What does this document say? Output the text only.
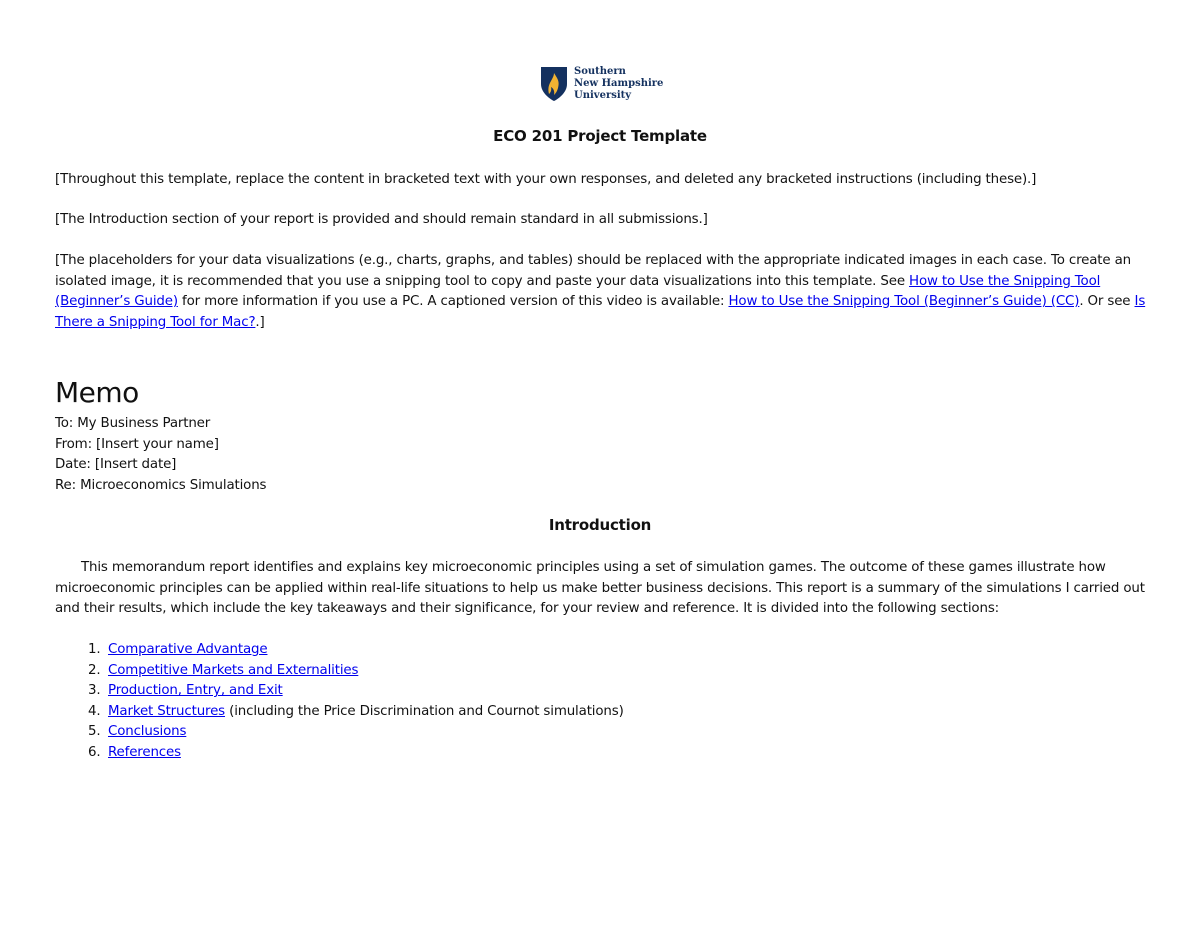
Southern
New Hampshire
University
ECO 201 Project Template
[Throughout this template, replace the content in bracketed text with your own responses, and deleted any bracketed instructions (including these).]
[The Introduction section of your report is provided and should remain standard in all submissions.]
[The placeholders for your data visualizations (e.g., charts, graphs, and tables) should be replaced with the appropriate indicated images in each case. To create an isolated image, it is recommended that you use a snipping tool to copy and paste your data visualizations into this template. See How to Use the Snipping Tool (Beginner’s Guide) for more information if you use a PC. A captioned version of this video is available: How to Use the Snipping Tool (Beginner’s Guide) (CC). Or see Is There a Snipping Tool for Mac?.]
Memo
To: My Business Partner
From: [Insert your name]
Date: [Insert date]
Re: Microeconomics Simulations
Introduction
This memorandum report identifies and explains key microeconomic principles using a set of simulation games. The outcome of these games illustrate how microeconomic principles can be applied within real-life situations to help us make better business decisions. This report is a summary of the simulations I carried out and their results, which include the key takeaways and their significance, for your review and reference. It is divided into the following sections:
1. Comparative Advantage
2. Competitive Markets and Externalities
3. Production, Entry, and Exit
4. Market Structures (including the Price Discrimination and Cournot simulations)
5. Conclusions
6. References
